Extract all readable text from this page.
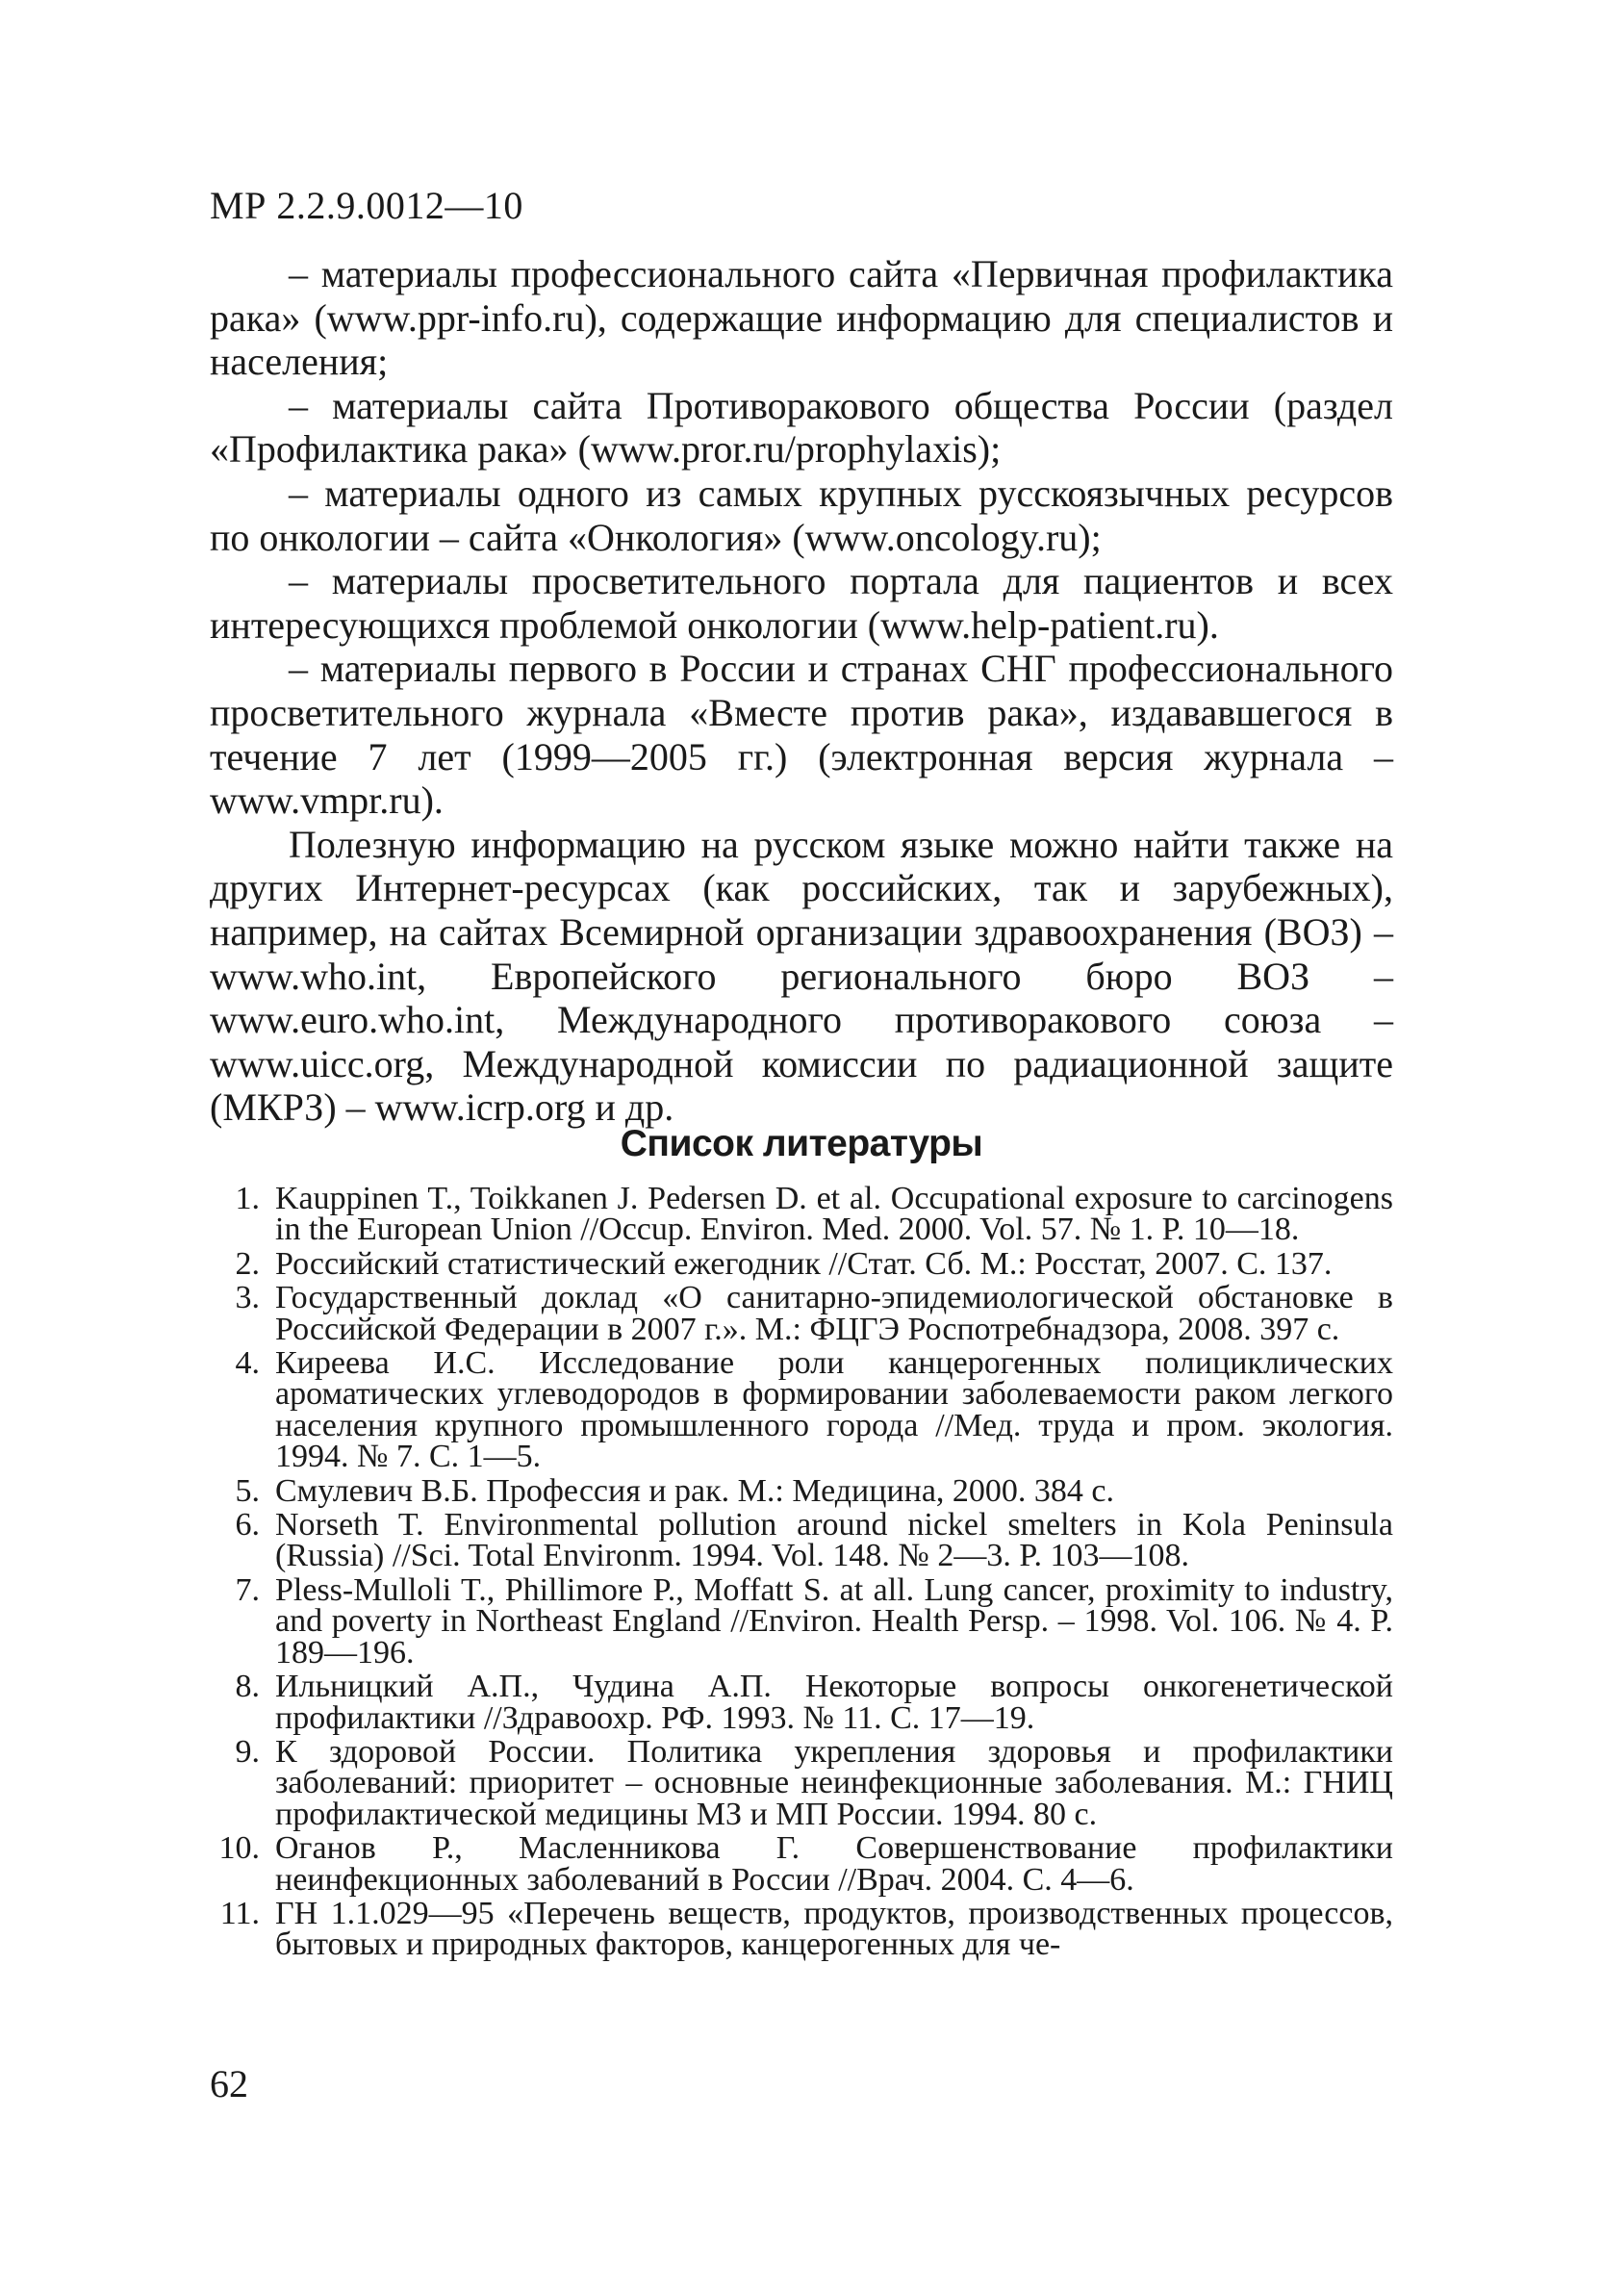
МР 2.2.9.0012—10

– материалы профессионального сайта «Первичная профилактика рака» (www.ppr-info.ru), содержащие информацию для специалистов и населения;

– материалы сайта Противоракового общества России (раздел «Профилактика рака» (www.pror.ru/prophylaxis);

– материалы одного из самых крупных русскоязычных ресурсов по онкологии – сайта «Онкология» (www.oncology.ru);

– материалы просветительного портала для пациентов и всех интересующихся проблемой онкологии (www.help-patient.ru).

– материалы первого в России и странах СНГ профессионального просветительного журнала «Вместе против рака», издававшегося в течение 7 лет (1999—2005 гг.) (электронная версия журнала – www.vmpr.ru).

Полезную информацию на русском языке можно найти также на других Интернет-ресурсах (как российских, так и зарубежных), например, на сайтах Всемирной организации здравоохранения (ВОЗ) – www.who.int, Европейского регионального бюро ВОЗ – www.euro.who.int, Международного противоракового союза – www.uicc.org, Международной комиссии по радиационной защите (МКРЗ) – www.icrp.org и др.

Список литературы
1. Kauppinen T., Toikkanen J. Pedersen D. et al. Occupational exposure to carcinogens in the European Union //Occup. Environ. Med. 2000. Vol. 57. № 1. P. 10—18.
2. Российский статистический ежегодник //Стат. Сб. М.: Росстат, 2007. С. 137.
3. Государственный доклад «О санитарно-эпидемиологической обстановке в Российской Федерации в 2007 г.». М.: ФЦГЭ Роспотребнадзора, 2008. 397 с.
4. Киреева И.С. Исследование роли канцерогенных полициклических ароматических углеводородов в формировании заболеваемости раком легкого населения крупного промышленного города //Мед. труда и пром. экология. 1994. № 7. С. 1—5.
5. Смулевич В.Б. Профессия и рак. М.: Медицина, 2000. 384 с.
6. Norseth T. Environmental pollution around nickel smelters in Kola Peninsula (Russia) //Sci. Total Environm. 1994. Vol. 148. № 2—3. P. 103—108.
7. Pless-Mulloli T., Phillimore P., Moffatt S. at all. Lung cancer, proximity to industry, and poverty in Northeast England //Environ. Health Persp. – 1998. Vol. 106. № 4. P. 189—196.
8. Ильницкий А.П., Чудина А.П. Некоторые вопросы онкогенетической профилактики //Здравоохр. РФ. 1993. № 11. С. 17—19.
9. К здоровой России. Политика укрепления здоровья и профилактики заболеваний: приоритет – основные неинфекционные заболевания. М.: ГНИЦ профилактической медицины МЗ и МП России. 1994. 80 с.
10. Оганов Р., Масленникова Г. Совершенствование профилактики неинфекционных заболеваний в России //Врач. 2004. С. 4—6.
11. ГН 1.1.029—95 «Перечень веществ, продуктов, производственных процессов, бытовых и природных факторов, канцерогенных для че-
62
